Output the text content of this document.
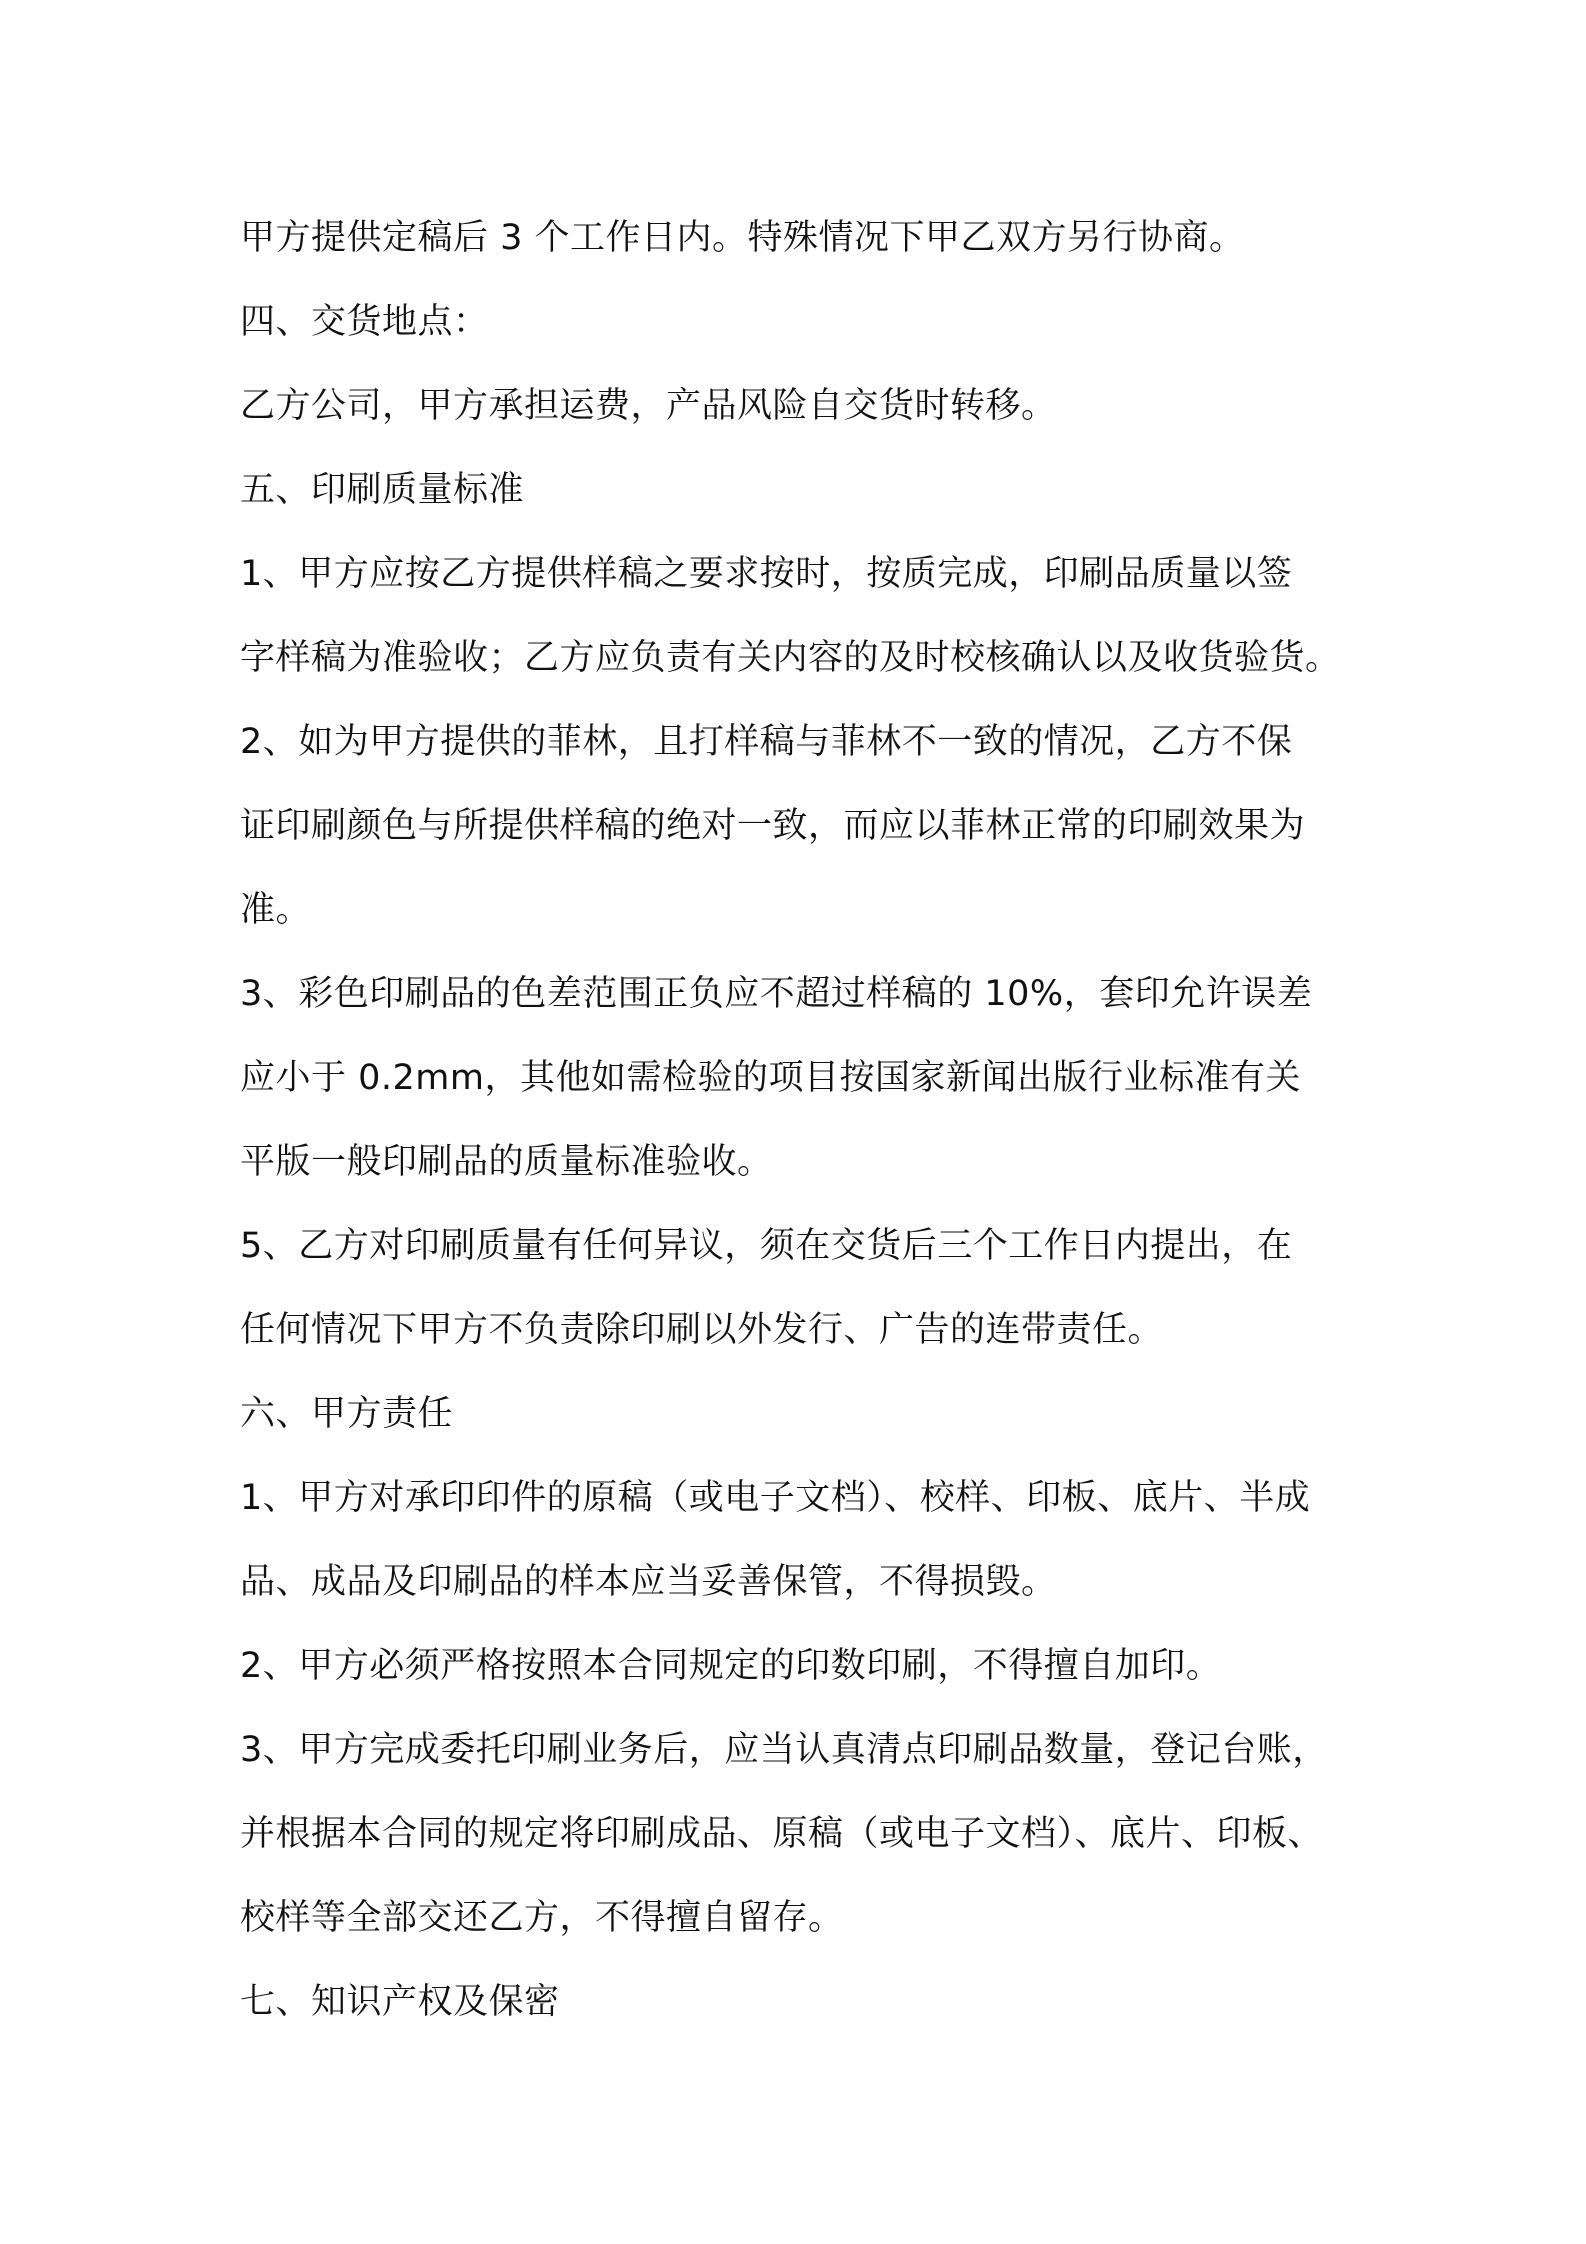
甲方提供定稿后 3 个工作日内。特殊情况下甲乙双方另行协商。
四、交货地点：
乙方公司，甲方承担运费，产品风险自交货时转移。
五、印刷质量标准
1、甲方应按乙方提供样稿之要求按时，按质完成，印刷品质量以签
字样稿为准验收；乙方应负责有关内容的及时校核确认以及收货验货。
2、如为甲方提供的菲林，且打样稿与菲林不一致的情况，乙方不保
证印刷颜色与所提供样稿的绝对一致，而应以菲林正常的印刷效果为
准。
3、彩色印刷品的色差范围正负应不超过样稿的 10%，套印允许误差
应小于 0.2mm，其他如需检验的项目按国家新闻出版行业标准有关
平版一般印刷品的质量标准验收。
5、乙方对印刷质量有任何异议，须在交货后三个工作日内提出，在
任何情况下甲方不负责除印刷以外发行、广告的连带责任。
六、甲方责任
1、甲方对承印印件的原稿（或电子文档）、校样、印板、底片、半成
品、成品及印刷品的样本应当妥善保管，不得损毁。
2、甲方必须严格按照本合同规定的印数印刷，不得擅自加印。
3、甲方完成委托印刷业务后，应当认真清点印刷品数量，登记台账，
并根据本合同的规定将印刷成品、原稿（或电子文档）、底片、印板、
校样等全部交还乙方，不得擅自留存。
七、知识产权及保密
